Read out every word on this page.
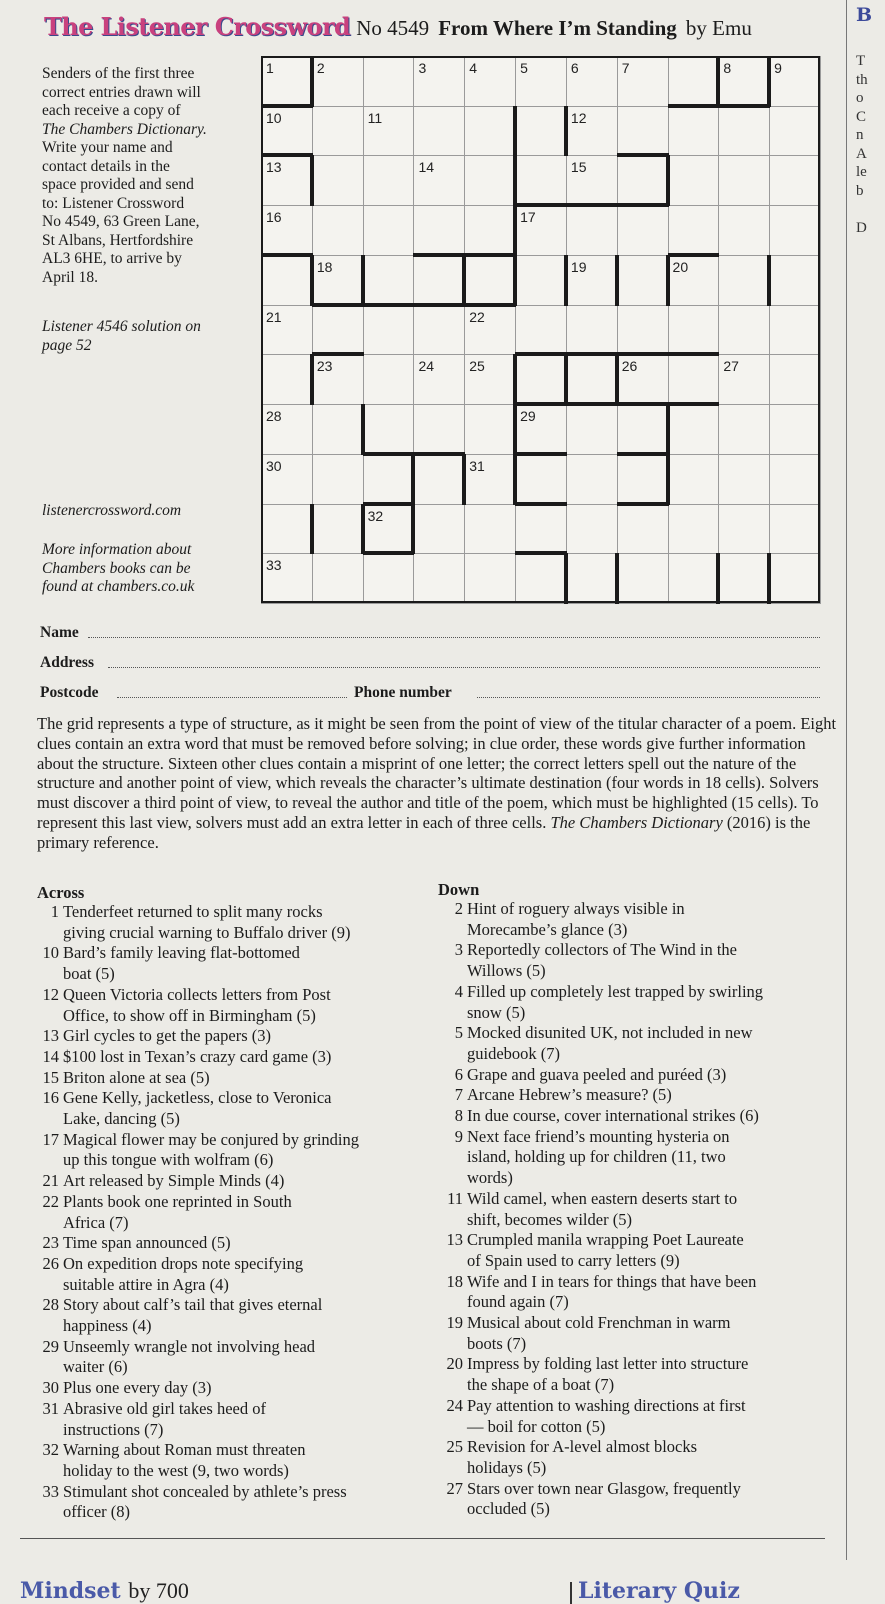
The Listener Crossword No 4549 From Where I’m Standing by Emu
Senders of the first three
correct entries drawn will
each receive a copy of
The Chambers Dictionary.
Write your name and
contact details in the
space provided and send
to: Listener Crossword
No 4549, 63 Green Lane,
St Albans, Hertfordshire
AL3 6HE, to arrive by
April 18.
Listener 4546 solution on
page 52
listenercrossword.com
More information about
Chambers books can be
found at chambers.co.uk
1	2	3	4	5	6	7	8	9
10	11	12
13	14	15
16	17
18	19	20
21	22
23	24	25	26	27
28	29
30	31
32
33
Name
Address
Postcode	Phone number
The grid represents a type of structure, as it might be seen from the point of view of the titular character of a poem. Eight clues contain an extra word that must be removed before solving; in clue order, these words give further information about the structure. Sixteen other clues contain a misprint of one letter; the correct letters spell out the nature of the structure and another point of view, which reveals the character’s ultimate destination (four words in 18 cells). Solvers must discover a third point of view, to reveal the author and title of the poem, which must be highlighted (15 cells). To represent this last view, solvers must add an extra letter in each of three cells. The Chambers Dictionary (2016) is the primary reference.
Across	Down
1 Tenderfeet returned to split many rocks
giving crucial warning to Buffalo driver (9)
10 Bard’s family leaving flat-bottomed
boat (5)
12 Queen Victoria collects letters from Post
Office, to show off in Birmingham (5)
13 Girl cycles to get the papers (3)
14 $100 lost in Texan’s crazy card game (3)
15 Briton alone at sea (5)
16 Gene Kelly, jacketless, close to Veronica
Lake, dancing (5)
17 Magical flower may be conjured by grinding
up this tongue with wolfram (6)
21 Art released by Simple Minds (4)
22 Plants book one reprinted in South
Africa (7)
23 Time span announced (5)
26 On expedition drops note specifying
suitable attire in Agra (4)
28 Story about calf’s tail that gives eternal
happiness (4)
29 Unseemly wrangle not involving head
waiter (6)
30 Plus one every day (3)
31 Abrasive old girl takes heed of
instructions (7)
32 Warning about Roman must threaten
holiday to the west (9, two words)
33 Stimulant shot concealed by athlete’s press
officer (8)
2 Hint of roguery always visible in
Morecambe’s glance (3)
3 Reportedly collectors of The Wind in the
Willows (5)
4 Filled up completely lest trapped by swirling
snow (5)
5 Mocked disunited UK, not included in new
guidebook (7)
6 Grape and guava peeled and puréed (3)
7 Arcane Hebrew’s measure? (5)
8 In due course, cover international strikes (6)
9 Next face friend’s mounting hysteria on
island, holding up for children (11, two
words)
11 Wild camel, when eastern deserts start to
shift, becomes wilder (5)
13 Crumpled manila wrapping Poet Laureate
of Spain used to carry letters (9)
18 Wife and I in tears for things that have been
found again (7)
19 Musical about cold Frenchman in warm
boots (7)
20 Impress by folding last letter into structure
the shape of a boat (7)
24 Pay attention to washing directions at first
— boil for cotton (5)
25 Revision for A-level almost blocks
holidays (5)
27 Stars over town near Glasgow, frequently
occluded (5)
Mindset by 700	Literary Quiz
B
T
th
o
C
n
A
le
b

D
